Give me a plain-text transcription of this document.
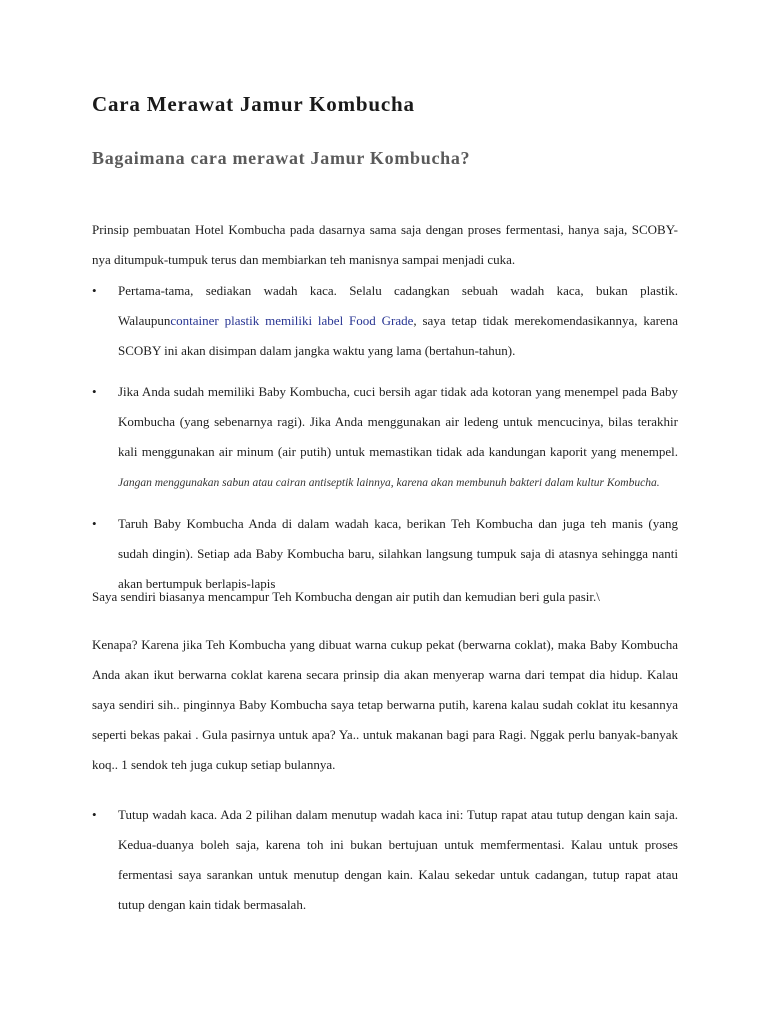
Cara Merawat Jamur Kombucha
Bagaimana cara merawat Jamur Kombucha?

Prinsip pembuatan Hotel Kombucha pada dasarnya sama saja dengan proses fermentasi, hanya saja, SCOBY-nya ditumpuk-tumpuk terus dan membiarkan teh manisnya sampai menjadi cuka.

•	Pertama-tama, sediakan wadah kaca. Selalu cadangkan sebuah wadah kaca, bukan plastik. Walaupuncontainer plastik memiliki label Food Grade, saya tetap tidak merekomendasikannya, karena SCOBY ini akan disimpan dalam jangka waktu yang lama (bertahun-tahun).
•	Jika Anda sudah memiliki Baby Kombucha, cuci bersih agar tidak ada kotoran yang menempel pada Baby Kombucha (yang sebenarnya ragi). Jika Anda menggunakan air ledeng untuk mencucinya, bilas terakhir kali menggunakan air minum (air putih) untuk memastikan tidak ada kandungan kaporit yang menempel. Jangan menggunakan sabun atau cairan antiseptik lainnya, karena akan membunuh bakteri dalam kultur Kombucha.
•	Taruh Baby Kombucha Anda di dalam wadah kaca, berikan Teh Kombucha dan juga teh manis (yang sudah dingin). Setiap ada Baby Kombucha baru, silahkan langsung tumpuk saja di atasnya sehingga nanti akan bertumpuk berlapis-lapis

Saya sendiri biasanya mencampur Teh Kombucha dengan air putih dan kemudian beri gula pasir.\

Kenapa? Karena jika Teh Kombucha yang dibuat warna cukup pekat (berwarna coklat), maka Baby Kombucha Anda akan ikut berwarna coklat karena secara prinsip dia akan menyerap warna dari tempat dia hidup. Kalau saya sendiri sih.. pinginnya Baby Kombucha saya tetap berwarna putih, karena kalau sudah coklat itu kesannya seperti bekas pakai . Gula pasirnya untuk apa? Ya.. untuk makanan bagi para Ragi. Nggak perlu banyak-banyak koq.. 1 sendok teh juga cukup setiap bulannya.

•	Tutup wadah kaca. Ada 2 pilihan dalam menutup wadah kaca ini: Tutup rapat atau tutup dengan kain saja. Kedua-duanya boleh saja, karena toh ini bukan bertujuan untuk memfermentasi. Kalau untuk proses fermentasi saya sarankan untuk menutup dengan kain. Kalau sekedar untuk cadangan, tutup rapat atau tutup dengan kain tidak bermasalah.
